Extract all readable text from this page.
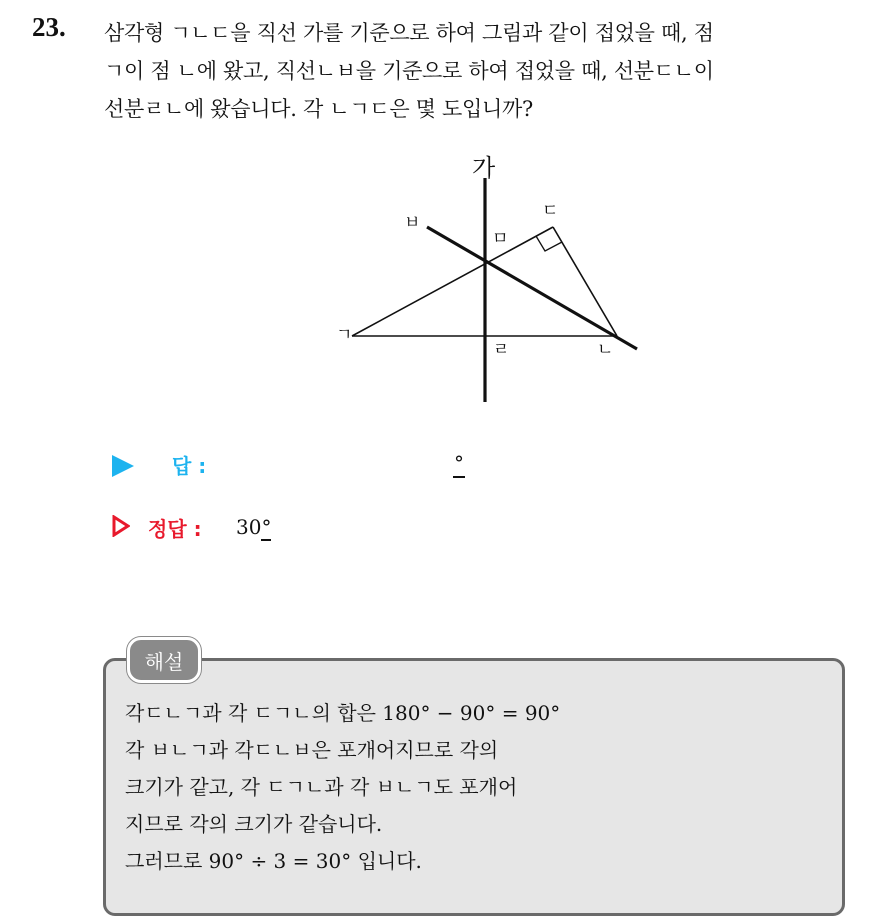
23. 삼각형 ㄱㄴㄷ을 직선 가를 기준으로 하여 그림과 같이 접었을 때, 점
ㄱ이 점 ㄴ에 왔고, 직선ㄴㅂ을 기준으로 하여 접었을 때, 선분ㄷㄴ이
선분ㄹㄴ에 왔습니다. 각 ㄴㄱㄷ은 몇 도입니까?
가
ㅂ
ㄷ
ㅁ
ㄱ
ㄹ	ㄴ
답 :	°
정답 : 30°
해설
각ㄷㄴㄱ과 각 ㄷㄱㄴ의 합은 180° − 90° = 90°
각 ㅂㄴㄱ과 각ㄷㄴㅂ은 포개어지므로 각의
크기가 같고, 각 ㄷㄱㄴ과 각 ㅂㄴㄱ도 포개어
지므로 각의 크기가 같습니다.
그러므로 90° ÷ 3 = 30° 입니다.
